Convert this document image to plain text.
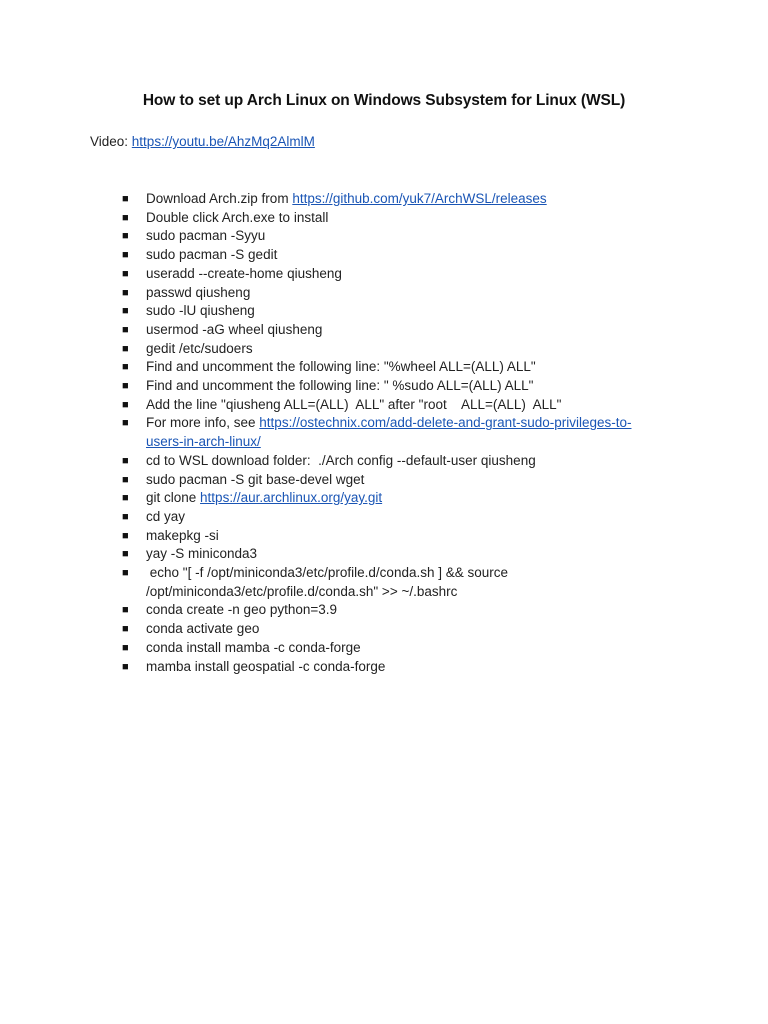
How to set up Arch Linux on Windows Subsystem for Linux (WSL)
Video: https://youtu.be/AhzMq2AlmlM
■ Download Arch.zip from https://github.com/yuk7/ArchWSL/releases
■ Double click Arch.exe to install
■ sudo pacman -Syyu
■ sudo pacman -S gedit
■ useradd --create-home qiusheng
■ passwd qiusheng
■ sudo -lU qiusheng
■ usermod -aG wheel qiusheng
■ gedit /etc/sudoers
■ Find and uncomment the following line: "%wheel ALL=(ALL) ALL"
■ Find and uncomment the following line: " %sudo ALL=(ALL) ALL"
■ Add the line "qiusheng ALL=(ALL)  ALL" after "root    ALL=(ALL)  ALL"
■ For more info, see https://ostechnix.com/add-delete-and-grant-sudo-privileges-to-users-in-arch-linux/
■ cd to WSL download folder:  ./Arch config --default-user qiusheng
■ sudo pacman -S git base-devel wget
■ git clone https://aur.archlinux.org/yay.git
■ cd yay
■ makepkg -si
■ yay -S miniconda3
■ echo "[ -f /opt/miniconda3/etc/profile.d/conda.sh ] && source /opt/miniconda3/etc/profile.d/conda.sh" >> ~/.bashrc
■ conda create -n geo python=3.9
■ conda activate geo
■ conda install mamba -c conda-forge
■ mamba install geospatial -c conda-forge
